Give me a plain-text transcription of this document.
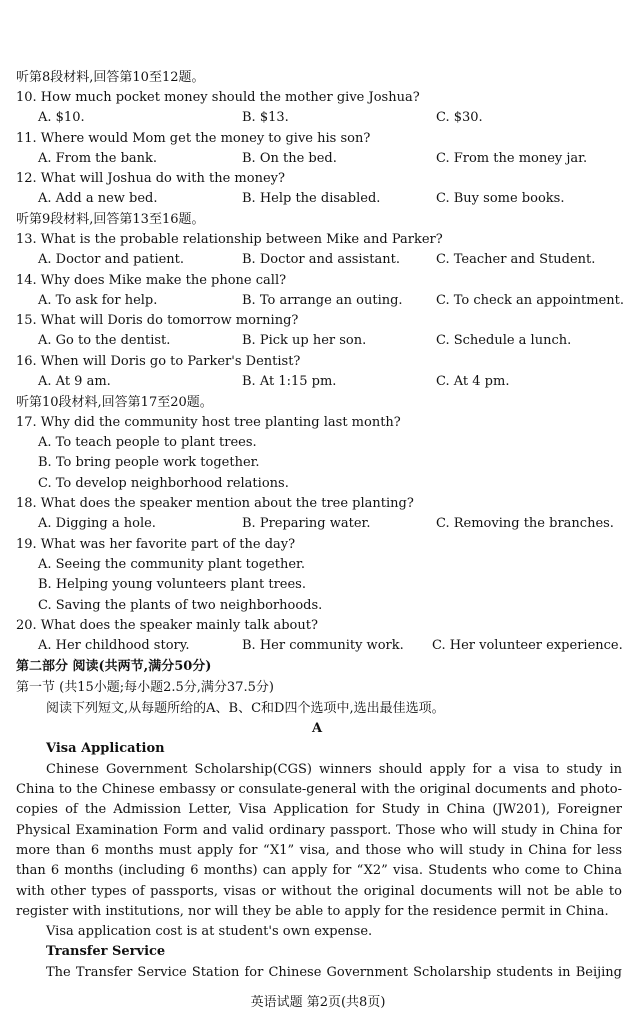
听第8段材料,回答第10至12题。
10. How much pocket money should the mother give Joshua?
A. $10.	B. $13.	C. $30.
11. Where would Mom get the money to give his son?
A. From the bank.	B. On the bed.	C. From the money jar.
12. What will Joshua do with the money?
A. Add a new bed.	B. Help the disabled.	C. Buy some books.
听第9段材料,回答第13至16题。
13. What is the probable relationship between Mike and Parker?
A. Doctor and patient.	B. Doctor and assistant.	C. Teacher and Student.
14. Why does Mike make the phone call?
A. To ask for help.	B. To arrange an outing.	C. To check an appointment.
15. What will Doris do tomorrow morning?
A. Go to the dentist.	B. Pick up her son.	C. Schedule a lunch.
16. When will Doris go to Parker's Dentist?
A. At 9 am.	B. At 1:15 pm.	C. At 4 pm.
听第10段材料,回答第17至20题。
17. Why did the community host tree planting last month?
A. To teach people to plant trees.
B. To bring people work together.
C. To develop neighborhood relations.
18. What does the speaker mention about the tree planting?
A. Digging a hole.	B. Preparing water.	C. Removing the branches.
19. What was her favorite part of the day?
A. Seeing the community plant together.
B. Helping young volunteers plant trees.
C. Saving the plants of two neighborhoods.
20. What does the speaker mainly talk about?
A. Her childhood story.	B. Her community work. C. Her volunteer experience.
第二部分 阅读(共两节,满分50分)
第一节 (共15小题;每小题2.5分,满分37.5分)
阅读下列短文,从每题所给的A、B、C和D四个选项中,选出最佳选项。
A
Visa Application
Chinese Government Scholarship(CGS) winners should apply for a visa to study in
China to the Chinese embassy or consulate-general with the original documents and photo-
copies of the Admission Letter, Visa Application for Study in China (JW201), Foreigner
Physical Examination Form and valid ordinary passport. Those who will study in China for
more than 6 months must apply for “X1” visa, and those who will study in China for less
than 6 months (including 6 months) can apply for “X2” visa. Students who come to China
with other types of passports, visas or without the original documents will not be able to
register with institutions, nor will they be able to apply for the residence permit in China.
Visa application cost is at student's own expense.
Transfer Service
The Transfer Service Station for Chinese Government Scholarship students in Beijing
英语试题 第2页(共8页)
